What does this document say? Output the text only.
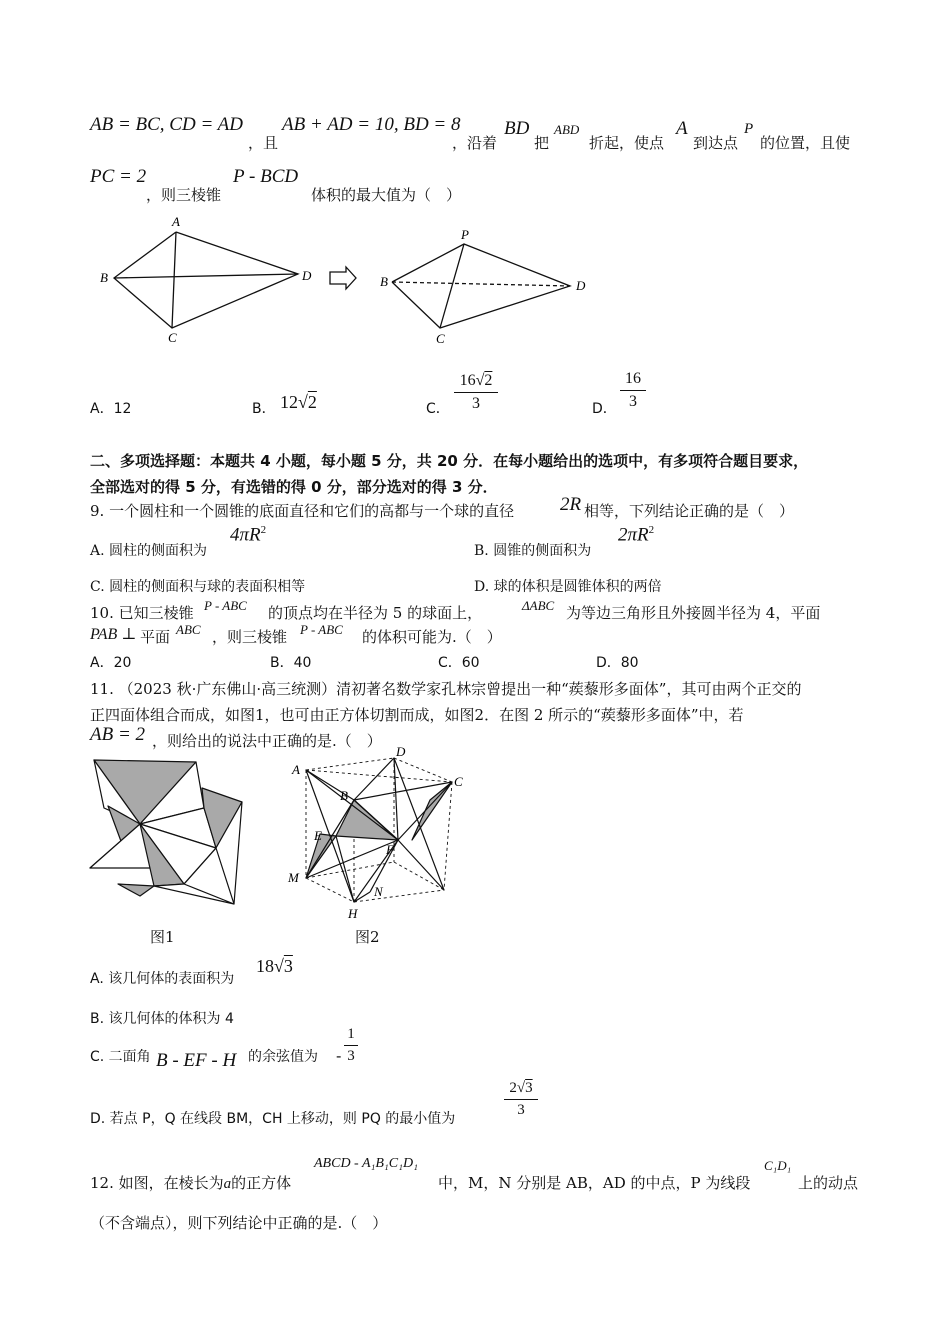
AB = BC, CD = AD
，且
AB + AD = 10, BD = 8
，沿着
BD
把
ABD
折起，使点
A
到达点
P
的位置，且使
PC = 2
，则三棱锥
P - BCD
体积的最大值为（　）
A
B
C
D
P
B
C
D
A．12	B． 12√2	C．
16√2
3	D．
16
3
二、多项选择题：本题共 4 小题，每小题 5 分，共 20 分．在每小题给出的选项中，有多项符合题目要求，
全部选对的得 5 分，有选错的得 0 分，部分选对的得 3 分．
9. 一个圆柱和一个圆锥的底面直径和它们的高都与一个球的直径 2R 相等，下列结论正确的是（　）
A. 圆柱的侧面积为
$4\pi R^2$
B. 圆锥的侧面积为
$2\pi R^2$
C. 圆柱的侧面积与球的表面积相等	D. 球的体积是圆锥体积的两倍
10. 已知三棱锥 P - ABC 的顶点均在半径为 5 的球面上，	ΔABC 为等边三角形且外接圆半径为 4，平面
PAB ⊥ 平面 ABC ，则三棱锥 P - ABC 的体积可能为.（　）
A．20	B．40	C．60	D．80
11. （2023 秋·广东佛山·高三统测）清初著名数学家孔林宗曾提出一种“蒺藜形多面体”，其可由两个正交的
正四面体组合而成，如图1，也可由正方体切割而成，如图2．在图 2 所示的“蒺藜形多面体”中，若
AB = 2 ，则给出的说法中正确的是.（　）
图1
A
B
C
D
E
F
M
N
H
图2
A. 该几何体的表面积为
18√3
B. 该几何体的体积为 4
C. 二面角 B - EF - H 的余弦值为 -
1
3
D. 若点 P，Q 在线段 BM，CH 上移动，则 PQ 的最小值为
2√3
3
12. 如图，在棱长为a的正方体
ABCD - A₁B₁C₁D₁
中，M，N 分别是 AB，AD 的中点，P 为线段
C₁D₁
上的动点
（不含端点），则下列结论中正确的是.（　）
